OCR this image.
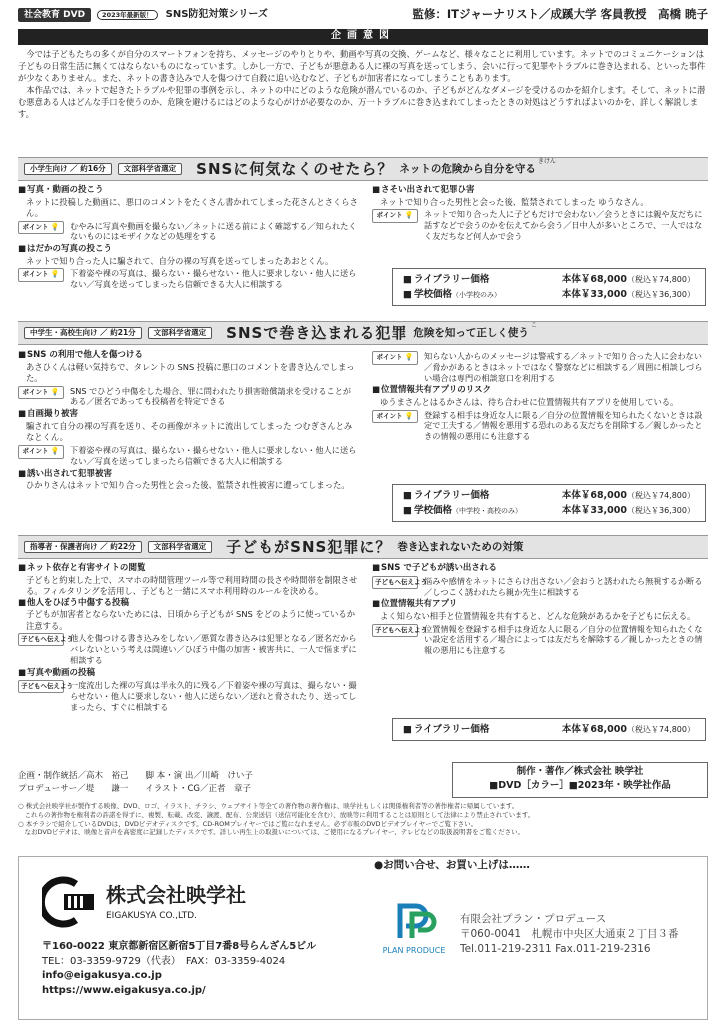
社会教育 DVD	2023年最新版！	SNS防犯対策シリーズ	監修：ITジャーナリスト／成蹊大学 客員教授　高橋 暁子
企画意図

今では子どもたちの多くが自分のスマートフォンを持ち、メッセージのやりとりや、動画や写真の交換、ゲームなど、様々なことに利用しています。ネットでのコミュニケーションは子どもの日常生活に無くてはならないものになっています。しかし一方で、子どもが悪意ある人に裸の写真を送ってしまう、会いに行って犯罪やトラブルに巻き込まれる、といった事件が少なくありません。また、ネットの書き込みで人を傷つけて自殺に追い込むなど、子どもが加害者になってしまうこともあります。

本作品では、ネットで起きたトラブルや犯罪の事例を示し、ネットの中にどのような危険が潜んでいるのか、子どもがどんなダメージを受けるのかを紹介します。そして、ネットに潜む悪意ある人はどんな手口を使うのか、危険を避けるにはどのような心がけが必要なのか、万一トラブルに巻き込まれてしまったときの対処はどうすればよいのかを、詳しく解説します。

小学生向け ／ 約16分	文部科学省選定	SNSに何気なくのせたら？ ネットの危険から自分を守る
きけん
■ 写真・動画の投こう
ネットに投稿した動画に、悪口のコメントをたくさん書かれてしまった花さんとさくらさん。
ポイント 💡	むやみに写真や動画を撮らない／ネットに送る前によく確認する／知られたくないものにはモザイクなどの処理をする
■ はだかの写真の投こう
ネットで知り合った人に騙されて、自分の裸の写真を送ってしまったあおとくん。
ポイント 💡	下着姿や裸の写真は、撮らない・撮らせない・他人に要求しない・他人に送らない／写真を送ってしまったら信頼できる大人に相談する
■ さそい出されて犯罪ひ害
ネットで知り合った男性と会った後、監禁されてしまった ゆうなさん。
ポイント 💡	ネットで知り合った人に子どもだけで会わない／会うときには親や友だちに話すなどで会うのかを伝えてから会う／日中人が多いところで、一人ではなく友だちなど何人かで会う
■ ライブラリー価格	本体￥68,000（税込￥74,800）
■ 学校価格（小学校のみ）	本体￥33,000（税込￥36,300）
中学生・高校生向け ／ 約21分	文部科学省選定	SNSで巻き込まれる犯罪 危険を知って正しく使う
こ
■ SNS の利用で他人を傷つける
あさひくんは軽い気持ちで、タレントの SNS 投稿に悪口のコメントを書き込んでしまった。
ポイント 💡	SNS でひどう中傷をした場合、罪に問われたり損害賠償請求を受けることがある／匿名であっても投稿者を特定できる
■ 自画撮り被害
騙されて自分の裸の写真を送り、その画像がネットに流出してしまった つむぎさんとみなとくん。
ポイント 💡	下着姿や裸の写真は、撮らない・撮らせない・他人に要求しない・他人に送らない／写真を送ってしまったら信頼できる大人に相談する
■ 誘い出されて犯罪被害
ひかりさんはネットで知り合った男性と会った後、監禁され性被害に遭ってしまった。
ポイント 💡	知らない人からのメッセージは警戒する／ネットで知り合った人に会わない／脅かがあるときはネットではなく警察などに相談する／周囲に相談しづらい場合は専門の相談窓口を利用する
■ 位置情報共有アプリのリスク
ゆうまさんとはるかさんは、待ち合わせに位置情報共有アプリを使用している。
ポイント 💡	登録する相手は身近な人に限る／自分の位置情報を知られたくないときは設定で工夫する／情報を悪用する恐れのある友だちを削除する／親しかったときの情報の悪用にも注意する
■ ライブラリー価格	本体￥68,000（税込￥74,800）
■ 学校価格（中学校・高校のみ）	本体￥33,000（税込￥36,300）
指導者・保護者向け ／ 約22分	文部科学省選定	子どもがSNS犯罪に？ 巻き込まれないための対策
■ ネット依存と有害サイトの閲覧
子どもと約束した上で、スマホの時間管理ツール等で利用時間の長さや時間帯を制限させる。フィルタリングを活用し、子どもと一緒にスマホ利用時のルールを決める。
■ 他人をひぼう中傷する投稿
子どもが加害者とならないためには、日頃から子どもが SNS をどのように使っているか注意する。
子どもへ伝えよう
他人を傷つける書き込みをしない／悪質な書き込みは犯罪となる／匿名だからバレないという考えは間違い／ひぼう中傷の加害・被害共に、一人で悩まずに相談する
■ 写真や動画の投稿
子どもへ伝えよう
一度流出した裸の写真は半永久的に残る／下着姿や裸の写真は、撮らない・撮らせない・他人に要求しない・他人に送らない／送れと脅されたり、送ってしまったら、すぐに相談する
■ SNS で子どもが誘い出される
子どもへ伝えよう
悩みや感情をネットにさらけ出さない／会おうと誘われたら無視するか断る／しつこく誘われたら親か先生に相談する
■ 位置情報共有アプリ
よく知らない相手と位置情報を共有すると、どんな危険があるかを子どもに伝える。
子どもへ伝えよう
位置情報を登録する相手は身近な人に限る／自分の位置情報を知られたくない設定を活用する／場合によっては友だちを解除する／親しかったときの情報の悪用にも注意する
■ ライブラリー価格	本体￥68,000（税込￥74,800）
企画・制作統括／高木　裕己　　脚 本・演 出／川崎　けい子
プロデューサー／堤　　謙一　　イラスト・CG／正者　章子
制作・著作／株式会社 映学社
■DVD［カラー］■2023年・映学社作品
○ 株式会社映学社が製作する映像、DVD、ロゴ、イラスト、チラシ、ウェブサイト等全ての著作物の著作権は、映学社もしくは関係権利者等の著作権者に帰属しています。
　これらの著作物を権利者の許諾を得ずに、複製、転載、改変、譲渡、配布、公衆送信（送信可能化を含む）、放映等に利用することは原則として法律により禁止されています。
○ 本チラシで紹介しているDVDは、DVDビデオディスクです。CD-ROMプレイヤーではご覧になれません。必ず市販のDVDビデオプレイヤーでご覧下さい。
　なおDVDビデオは、映像と音声を高密度に記録したディスクです。詳しい再生上の取扱いについては、ご使用になるプレイヤー、テレビなどの取扱説明書をご覧ください。
株式会社映学社
EIGAKUSYA CO.,LTD.
〒160-0022 東京都新宿区新宿5丁目7番8号らんざん5ビル
TEL：03-3359-9729（代表）　FAX：03-3359-4024
info@eigakusya.co.jp
https://www.eigakusya.co.jp/
●お問い合せ、お買い上げは……
PLAN PRODUCE
有限会社プラン・プロデュース
〒060-0041　札幌市中央区大通東２丁目３番
Tel.011-219-2311 Fax.011-219-2316
